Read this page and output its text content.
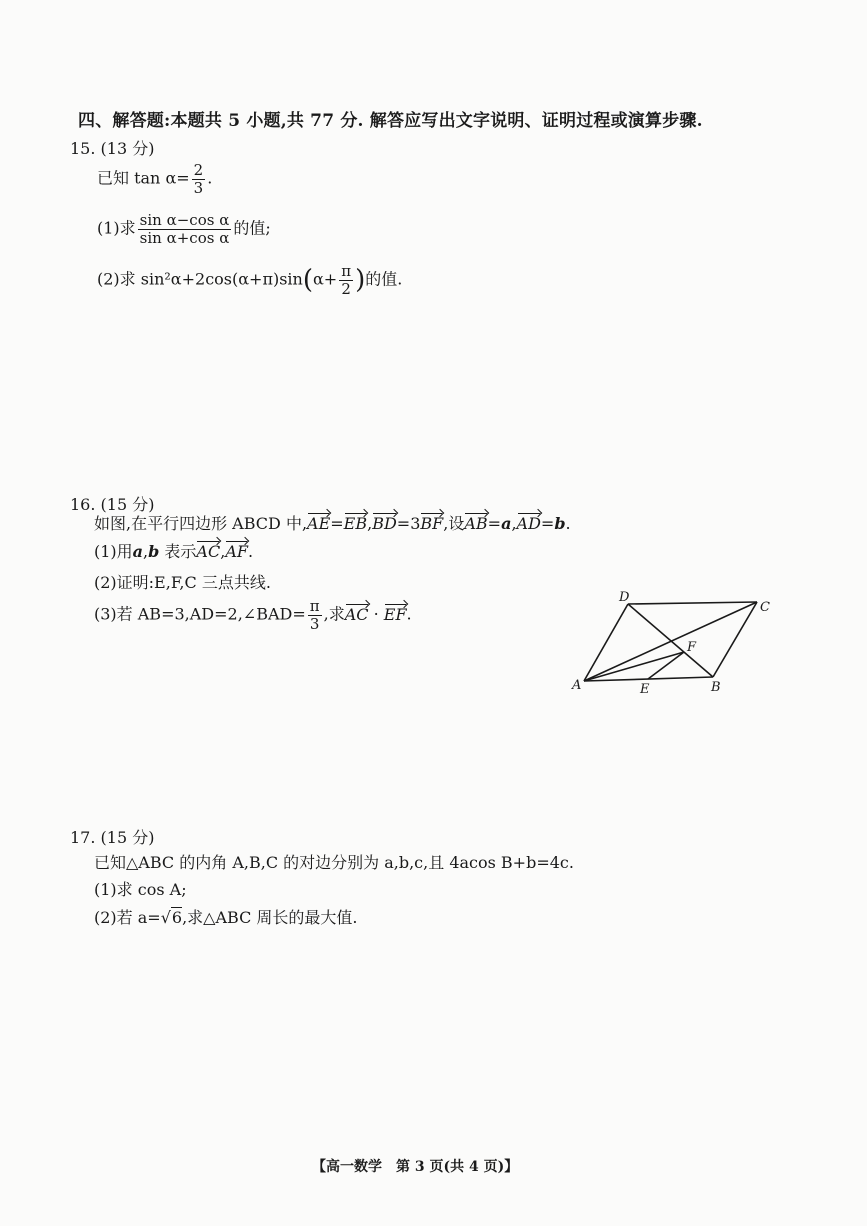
四、解答题:本题共 5 小题,共 77 分. 解答应写出文字说明、证明过程或演算步骤.
15. (13 分)
已知 $\tan \alpha= \frac{2}{3}$ .
(1)求 $\frac{\text{sin α−cos α}}{\text{sin α+cos α}}$ 的值;
(2)求 $\sin^2\alpha+2\cos(\alpha+\pi)\sin(\alpha+ \frac{\pi}{2}$ )的值.
16. (15 分)
如图,在平行四边形 ABCD 中,AE=EB,BD=3BF,设AB=a,AD=b.
(1)用a,b 表示AC,AF.
(2)证明:E,F,C 三点共线.
(3)若 AB=3,AD=2,∠BAD= $\frac{\pi}{3}$ ,求AC · EF.
D
C
F
A	E	B
17. (15 分)
已知△ABC 的内角 A,B,C 的对边分别为 a,b,c,且 4acos B+b=4c.
(1)求 cos A;
(2)若 a=√6,求△ABC 周长的最大值.
【高一数学　第 3 页(共 4 页)】
